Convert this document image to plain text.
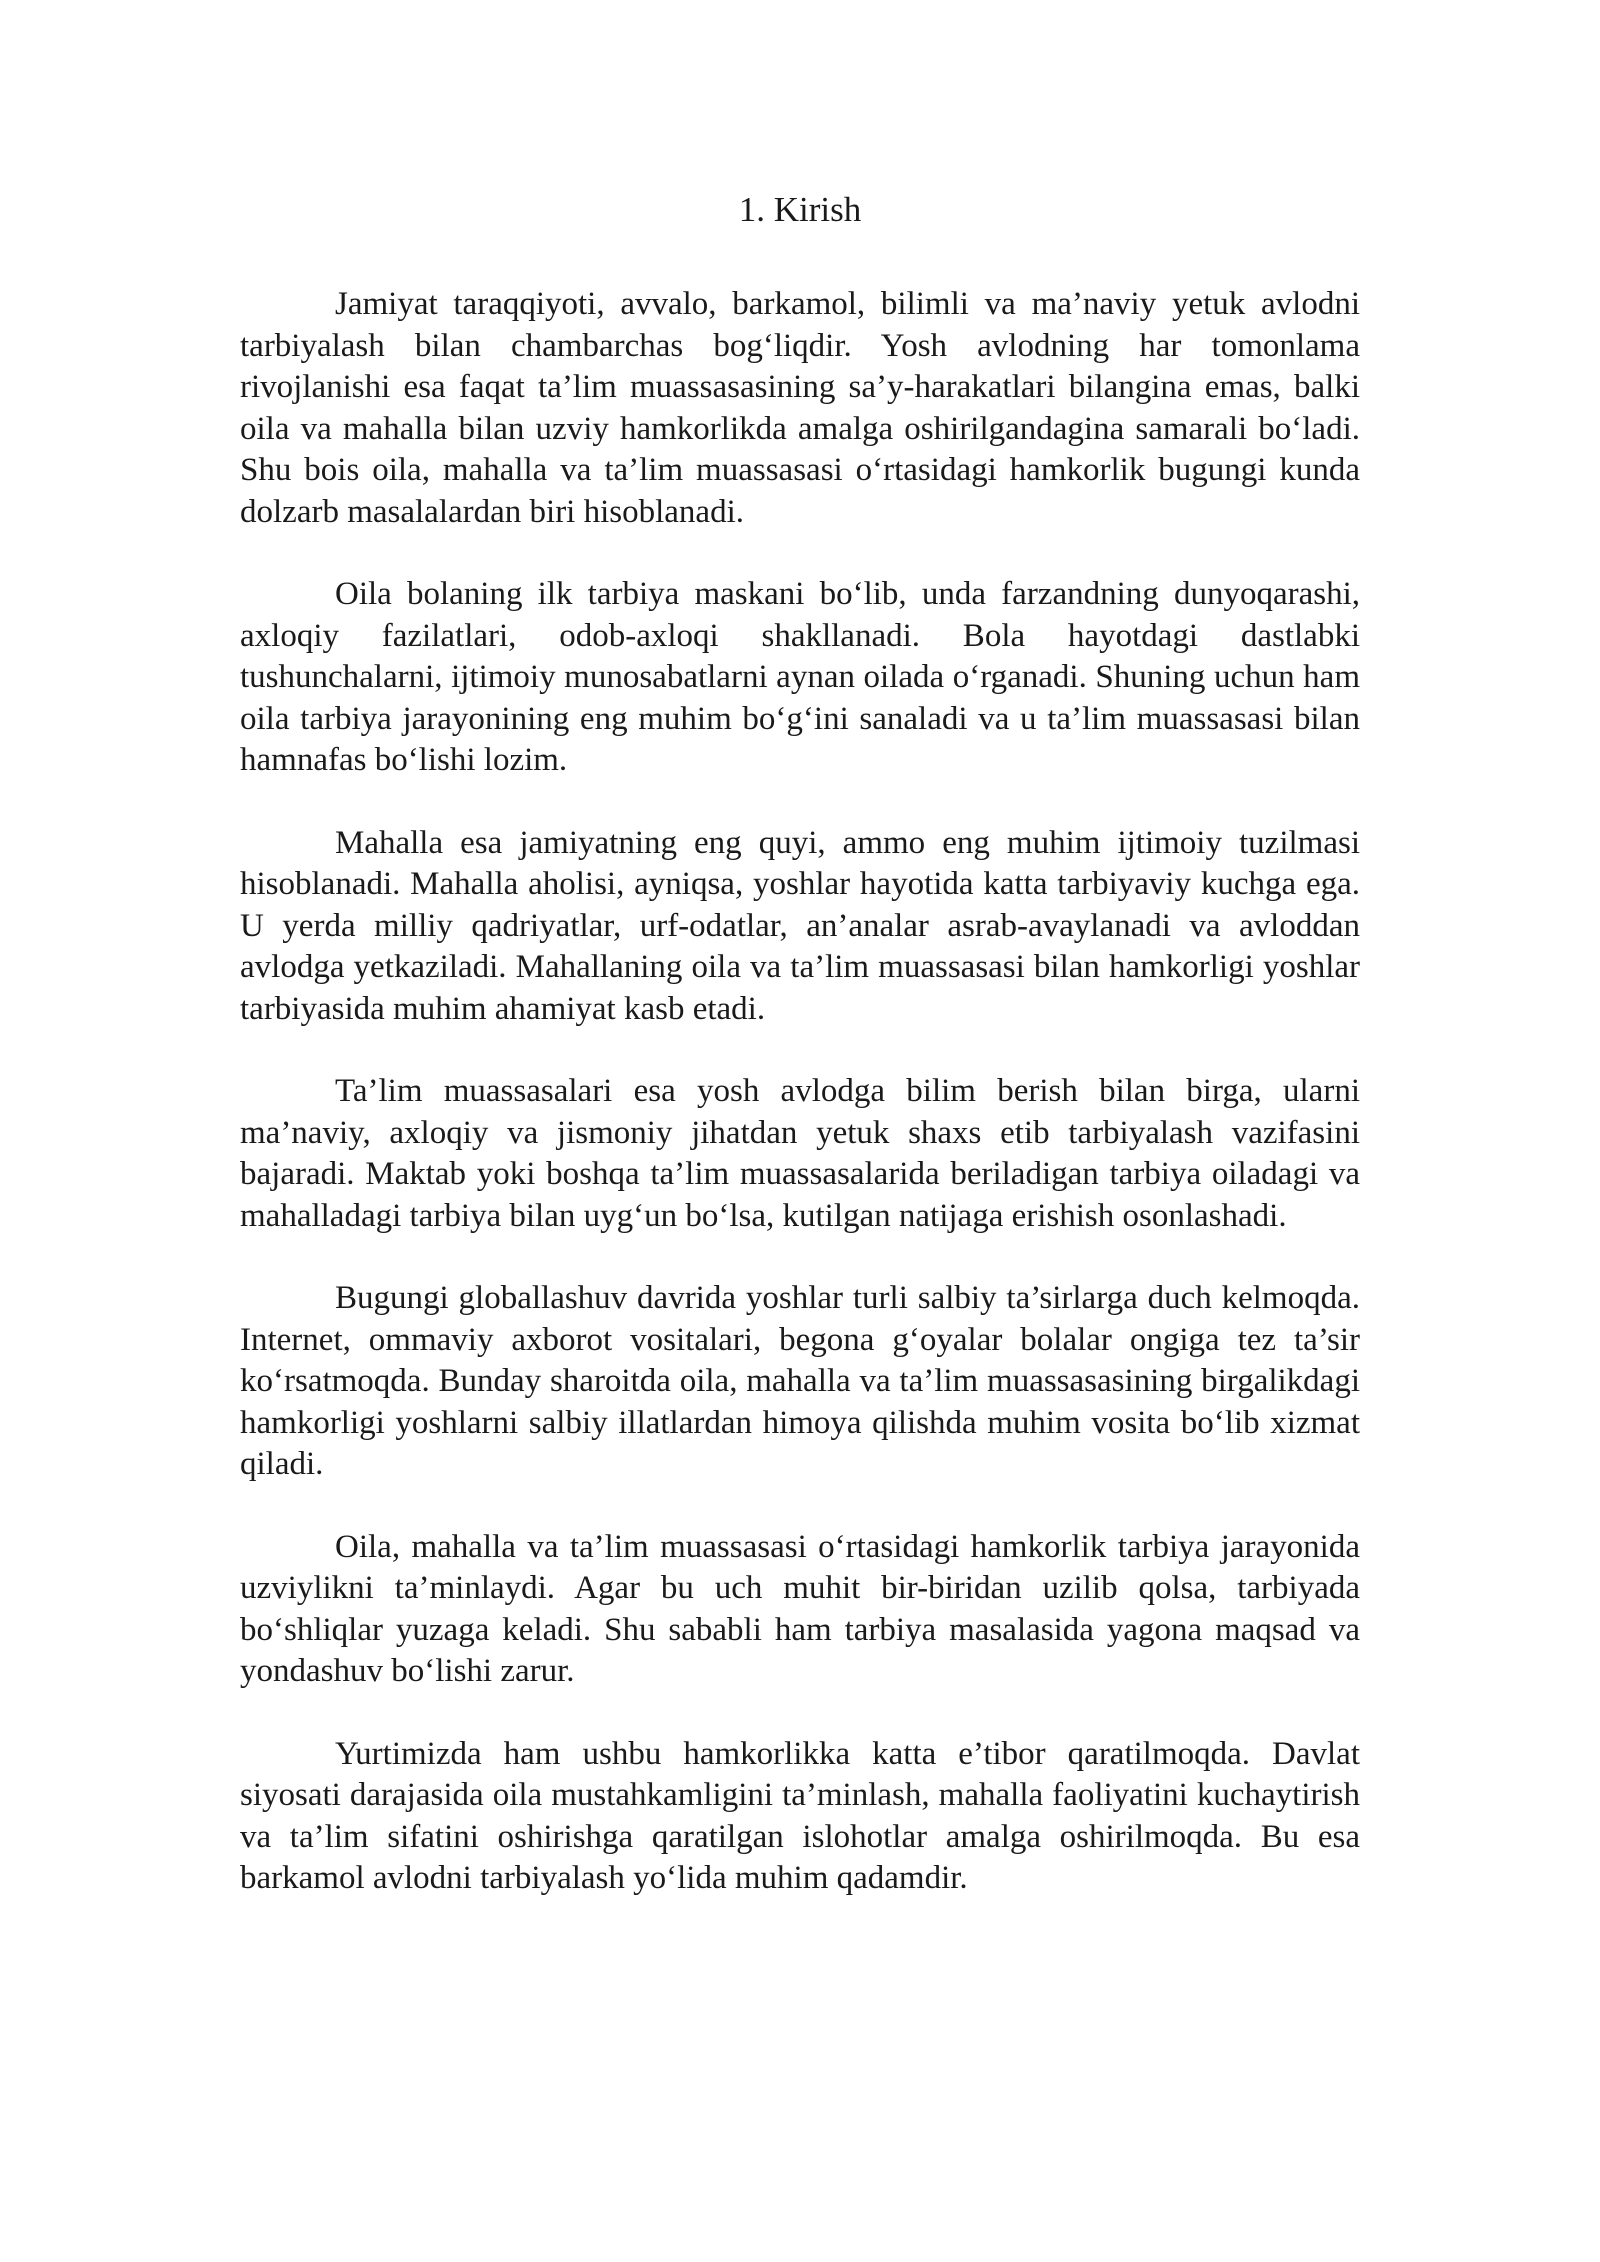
1. Kirish

Jamiyat taraqqiyoti, avvalo, barkamol, bilimli va ma’naviy yetuk avlodni tarbiyalash bilan chambarchas bog‘liqdir. Yosh avlodning har tomonlama rivojlanishi esa faqat ta’lim muassasasining sa’y-harakatlari bilangina emas, balki oila va mahalla bilan uzviy hamkorlikda amalga oshirilgandagina samarali bo‘ladi. Shu bois oila, mahalla va ta’lim muassasasi o‘rtasidagi hamkorlik bugungi kunda dolzarb masalalardan biri hisoblanadi.

Oila bolaning ilk tarbiya maskani bo‘lib, unda farzandning dunyoqarashi, axloqiy fazilatlari, odob-axloqi shakllanadi. Bola hayotdagi dastlabki tushunchalarni, ijtimoiy munosabatlarni aynan oilada o‘rganadi. Shuning uchun ham oila tarbiya jarayonining eng muhim bo‘g‘ini sanaladi va u ta’lim muassasasi bilan hamnafas bo‘lishi lozim.

Mahalla esa jamiyatning eng quyi, ammo eng muhim ijtimoiy tuzilmasi hisoblanadi. Mahalla aholisi, ayniqsa, yoshlar hayotida katta tarbiyaviy kuchga ega. U yerda milliy qadriyatlar, urf-odatlar, an’analar asrab-avaylanadi va avloddan avlodga yetkaziladi. Mahallaning oila va ta’lim muassasasi bilan hamkorligi yoshlar tarbiyasida muhim ahamiyat kasb etadi.

Ta’lim muassasalari esa yosh avlodga bilim berish bilan birga, ularni ma’naviy, axloqiy va jismoniy jihatdan yetuk shaxs etib tarbiyalash vazifasini bajaradi. Maktab yoki boshqa ta’lim muassasalarida beriladigan tarbiya oiladagi va mahalladagi tarbiya bilan uyg‘un bo‘lsa, kutilgan natijaga erishish osonlashadi.

Bugungi globallashuv davrida yoshlar turli salbiy ta’sirlarga duch kelmoqda. Internet, ommaviy axborot vositalari, begona g‘oyalar bolalar ongiga tez ta’sir ko‘rsatmoqda. Bunday sharoitda oila, mahalla va ta’lim muassasasining birgalikdagi hamkorligi yoshlarni salbiy illatlardan himoya qilishda muhim vosita bo‘lib xizmat qiladi.

Oila, mahalla va ta’lim muassasasi o‘rtasidagi hamkorlik tarbiya jarayonida uzviylikni ta’minlaydi. Agar bu uch muhit bir-biridan uzilib qolsa, tarbiyada bo‘shliqlar yuzaga keladi. Shu sababli ham tarbiya masalasida yagona maqsad va yondashuv bo‘lishi zarur.

Yurtimizda ham ushbu hamkorlikka katta e’tibor qaratilmoqda. Davlat siyosati darajasida oila mustahkamligini ta’minlash, mahalla faoliyatini kuchaytirish va ta’lim sifatini oshirishga qaratilgan islohotlar amalga oshirilmoqda. Bu esa barkamol avlodni tarbiyalash yo‘lida muhim qadamdir.
